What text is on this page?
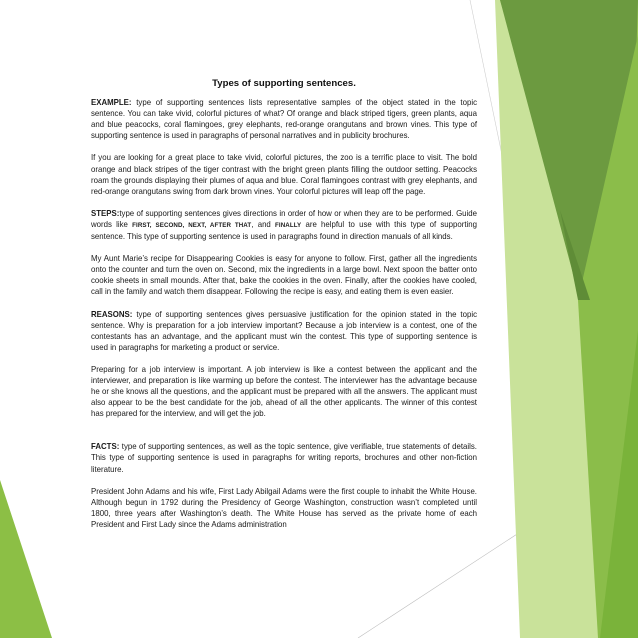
Types of supporting sentences.

EXAMPLE: type of supporting sentences lists representative samples of the object stated in the topic sentence. You can take vivid, colorful pictures of what? Of orange and black striped tigers, green plants, aqua and blue peacocks, coral flamingoes, grey elephants, red-orange orangutans and brown vines. This type of supporting sentence is used in paragraphs of personal narratives and in publicity brochures.

If you are looking for a great place to take vivid, colorful pictures, the zoo is a terrific place to visit. The bold orange and black stripes of the tiger contrast with the bright green plants filling the outdoor setting. Peacocks roam the grounds displaying their plumes of aqua and blue. Coral flamingoes contrast with grey elephants, and red-orange orangutans swing from dark brown vines. Your colorful pictures will leap off the page.

STEPS:type of supporting sentences gives directions in order of how or when they are to be performed. Guide words like FIRST, SECOND, NEXT, AFTER THAT, and FINALLY are helpful to use with this type of supporting sentence. This type of supporting sentence is used in paragraphs found in direction manuals of all kinds.

My Aunt Marie’s recipe for Disappearing Cookies is easy for anyone to follow. First, gather all the ingredients onto the counter and turn the oven on. Second, mix the ingredients in a large bowl. Next spoon the batter onto cookie sheets in small mounds. After that, bake the cookies in the oven. Finally, after the cookies have cooled, call in the family and watch them disappear. Following the recipe is easy, and eating them is even easier.

REASONS: type of supporting sentences gives persuasive justification for the opinion stated in the topic sentence. Why is preparation for a job interview important? Because a job interview is a contest, one of the contestants has an advantage, and the applicant must win the contest. This type of supporting sentence is used in paragraphs for marketing a product or service.

Preparing for a job interview is important. A job interview is like a contest between the applicant and the interviewer, and preparation is like warming up before the contest. The interviewer has the advantage because he or she knows all the questions, and the applicant must be prepared with all the answers. The applicant must also appear to be the best candidate for the job, ahead of all the other applicants. The winner of this contest has prepared for the interview, and will get the job.

FACTS: type of supporting sentences, as well as the topic sentence, give verifiable, true statements of details. This type of supporting sentence is used in paragraphs for writing reports, brochures and other non-fiction literature.

President John Adams and his wife, First Lady Abilgail Adams were the first couple to inhabit the White House. Although begun in 1792 during the Presidency of George Washington, construction wasn’t completed until 1800, three years after Washington’s death. The White House has served as the private home of each President and First Lady since the Adams administration
